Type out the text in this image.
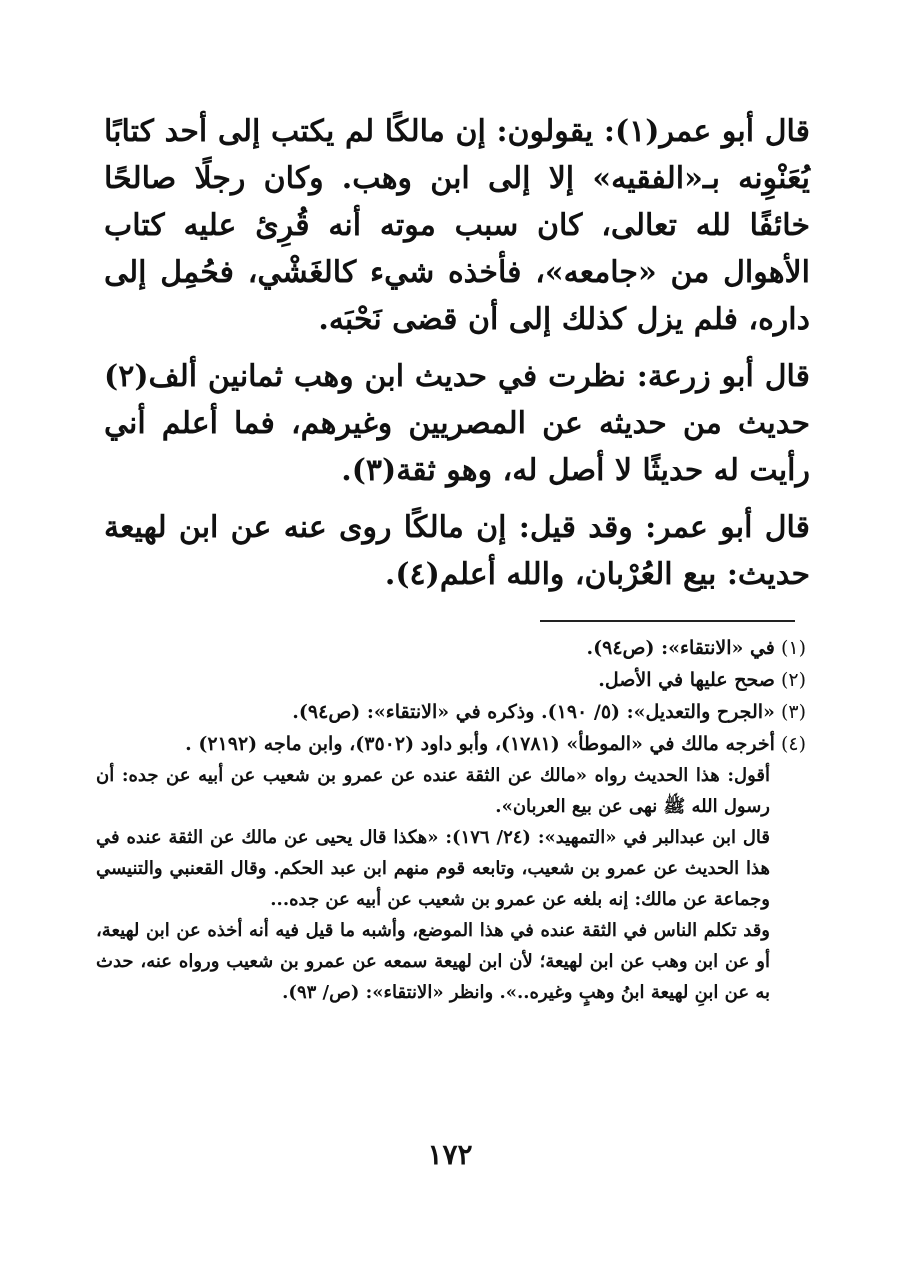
قال أبو عمر(١): يقولون: إن مالكًا لم يكتب إلى أحد كتابًا يُعَنْوِنه بـ«الفقيه» إلا إلى ابن وهب. وكان رجلًا صالحًا خائفًا لله تعالى، كان سبب موته أنه قُرِئ عليه كتاب الأهوال من «جامعه»، فأخذه شيء كالغَشْي، فحُمِل إلى داره، فلم يزل كذلك إلى أن قضى نَحْبَه.

قال أبو زرعة: نظرت في حديث ابن وهب ثمانين ألف(٢) حديث من حديثه عن المصريين وغيرهم، فما أعلم أني رأيت له حديثًا لا أصل له، وهو ثقة(٣).

قال أبو عمر: وقد قيل: إن مالكًا روى عنه عن ابن لهيعة حديث: بيع العُرْبان، والله أعلم(٤).

(١) في «الانتقاء»: (ص٩٤).

(٢) صحح عليها في الأصل.

(٣) «الجرح والتعديل»: (٥/ ١٩٠). وذكره في «الانتقاء»: (ص٩٤).

(٤) أخرجه مالك في «الموطأ» (١٧٨١)، وأبو داود (٣٥٠٢)، وابن ماجه (٢١٩٢) .

أقول: هذا الحديث رواه «مالك عن الثقة عنده عن عمرو بن شعيب عن أبيه عن جده: أن رسول الله ﷺ نهى عن بيع العربان».

قال ابن عبدالبر في «التمهيد»: (٢٤/ ١٧٦): «هكذا قال يحيى عن مالك عن الثقة عنده في هذا الحديث عن عمرو بن شعيب، وتابعه قوم منهم ابن عبد الحكم. وقال القعنبي والتنيسي وجماعة عن مالك: إنه بلغه عن عمرو بن شعيب عن أبيه عن جده...

وقد تكلم الناس في الثقة عنده في هذا الموضع، وأشبه ما قيل فيه أنه أخذه عن ابن لهيعة، أو عن ابن وهب عن ابن لهيعة؛ لأن ابن لهيعة سمعه عن عمرو بن شعيب ورواه عنه، حدث به عن ابنِ لهيعة ابنُ وهبٍ وغيره..». وانظر «الانتقاء»: (ص/ ٩٣).

١٧٢
